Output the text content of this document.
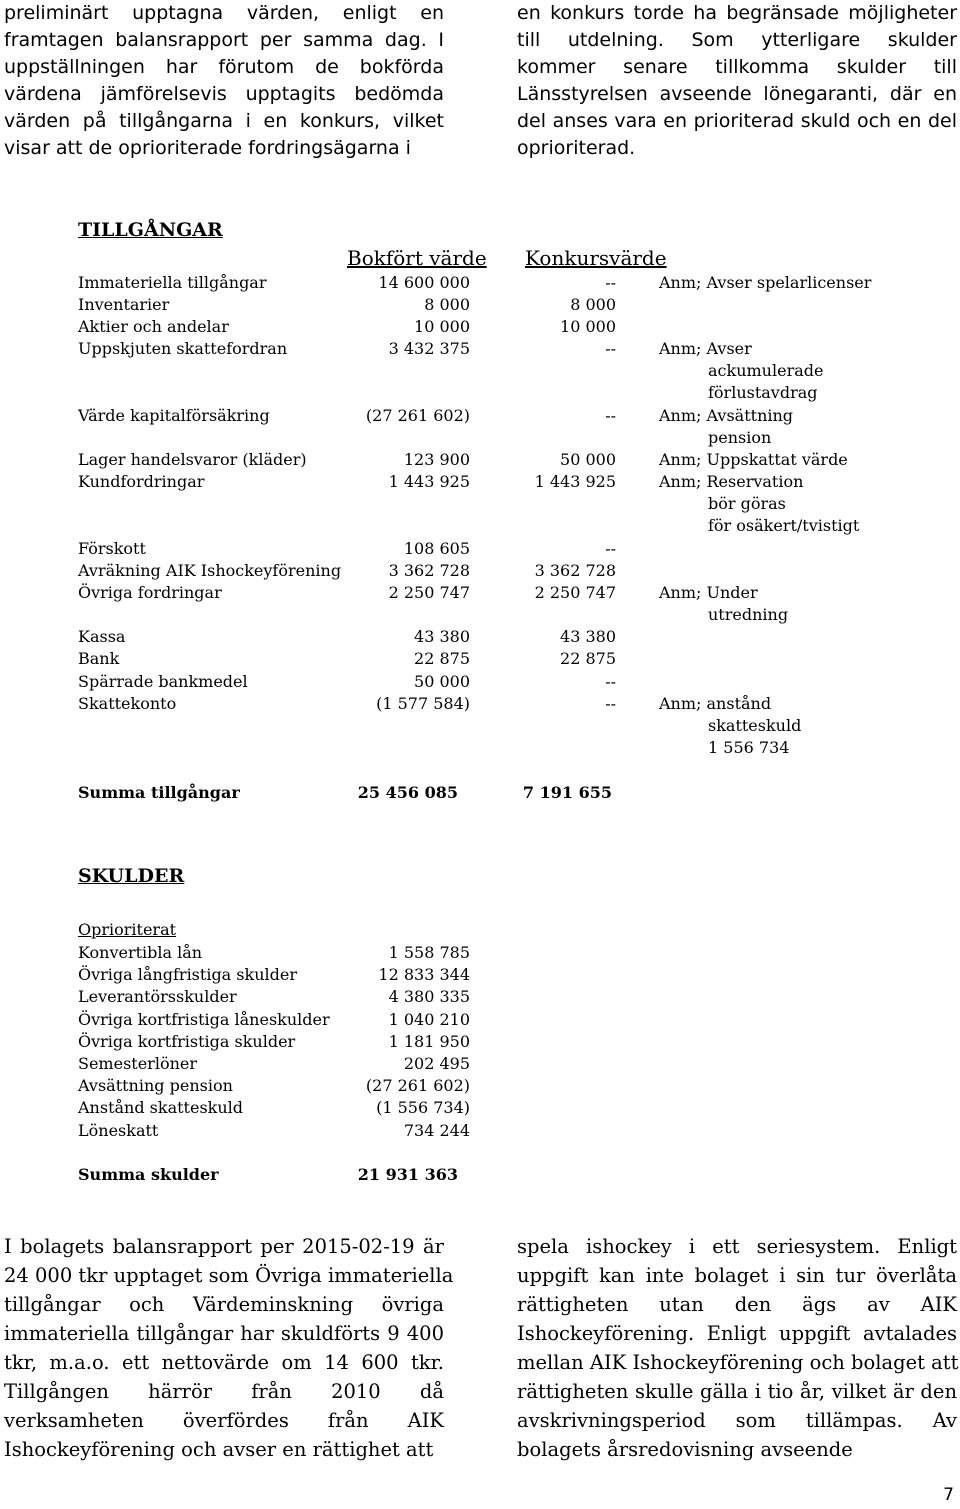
preliminärt upptagna värden, enligt en
framtagen balansrapport per samma dag. I
uppställningen har förutom de bokförda
värdena jämförelsevis upptagits bedömda
värden på tillgångarna i en konkurs, vilket
visar att de oprioriterade fordringsägarna i
en konkurs torde ha begränsade möjligheter
till utdelning. Som ytterligare skulder
kommer senare tillkomma skulder till
Länsstyrelsen avseende lönegaranti, där en
del anses vara en prioriterad skuld och en del
oprioriterad.
TILLGÅNGAR
Bokfört värde Konkursvärde
Immateriella tillgångar	14 600 000	--	Anm; Avser spelarlicenser
Inventarier	8 000	8 000
Aktier och andelar	10 000	10 000
Uppskjuten skattefordran	3 432 375	--	Anm; Avser
ackumulerade
förlustavdrag
Värde kapitalförsäkring	(27 261 602)	--	Anm; Avsättning
pension
Lager handelsvaror (kläder)	123 900	50 000	Anm; Uppskattat värde
Kundfordringar	1 443 925	1 443 925	Anm; Reservation
bör göras
för osäkert/tvistigt
Förskott	108 605	--
Avräkning AIK Ishockeyförening	3 362 728	3 362 728
Övriga fordringar	2 250 747	2 250 747	Anm; Under
utredning
Kassa	43 380	43 380
Bank	22 875	22 875
Spärrade bankmedel	50 000	--
Skattekonto	(1 577 584)	--	Anm; anstånd
skatteskuld
1 556 734
Summa tillgångar	25 456 085	7 191 655
SKULDER
Oprioriterat
Konvertibla lån	1 558 785
Övriga långfristiga skulder	12 833 344
Leverantörsskulder	4 380 335
Övriga kortfristiga låneskulder	1 040 210
Övriga kortfristiga skulder	1 181 950
Semesterlöner	202 495
Avsättning pension	(27 261 602)
Anstånd skatteskuld	(1 556 734)
Löneskatt	734 244
Summa skulder	21 931 363
I bolagets balansrapport per 2015-02-19 är
24 000 tkr upptaget som Övriga immateriella
tillgångar och Värdeminskning övriga
immateriella tillgångar har skuldförts 9 400
tkr, m.a.o. ett nettovärde om 14 600 tkr.
Tillgången härrör från 2010 då
verksamheten överfördes från AIK
Ishockeyförening och avser en rättighet att
spela ishockey i ett seriesystem. Enligt
uppgift kan inte bolaget i sin tur överlåta
rättigheten utan den ägs av AIK
Ishockeyförening. Enligt uppgift avtalades
mellan AIK Ishockeyförening och bolaget att
rättigheten skulle gälla i tio år, vilket är den
avskrivningsperiod som tillämpas. Av
bolagets årsredovisning avseende
7
